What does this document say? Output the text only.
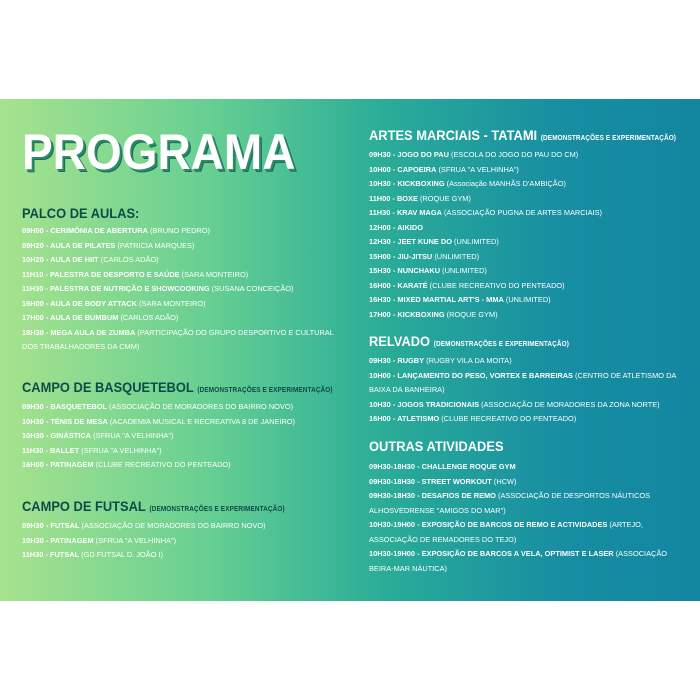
PROGRAMA
PALCO DE AULAS:
09H00 - CERIMÓNIA DE ABERTURA (BRUNO PEDRO)
09H20 - AULA DE PILATES (PATRICIA MARQUES)
10H20 - AULA DE HIIT (CARLOS ADÃO)
11H10 - PALESTRA DE DESPORTO E SAÚDE (SARA MONTEIRO)
11H30 - PALESTRA DE NUTRIÇÃO E SHOWCOOKING (SUSANA CONCEIÇÃO)
16H00 - AULA DE BODY ATTACK (SARA MONTEIRO)
17H00 - AULA DE BUMBUM (CARLOS ADÃO)
18H30 - MEGA AULA DE ZUMBA (PARTICIPAÇÃO DO GRUPO DESPORTIVO E CULTURAL DOS TRABALHADORES DA CMM)
CAMPO DE BASQUETEBOL (DEMONSTRAÇÕES E EXPERIMENTAÇÃO)
09H30 - BASQUETEBOL (ASSOCIAÇÃO DE MORADORES DO BAIRRO NOVO)
10H30 - TÉNIS DE MESA (ACADEMIA MUSICAL E RECREATIVA 8 DE JANEIRO)
10H30 - GINÁSTICA (SFRUA "A VELHINHA")
11H30 - BALLET (SFRUA "A VELHINHA")
16H00 - PATINAGEM (CLUBE RECREATIVO DO PENTEADO)
CAMPO DE FUTSAL (DEMONSTRAÇÕES E EXPERIMENTAÇÃO)
09H30 - FUTSAL (ASSOCIAÇÃO DE MORADORES DO BAIRRO NOVO)
10H30 - PATINAGEM (SFRUA "A VELHINHA")
11H30 - FUTSAL (GD FUTSAL D. JOÃO I)
ARTES MARCIAIS - TATAMI (DEMONSTRAÇÕES E EXPERIMENTAÇÃO)
09H30 - JOGO DO PAU (ESCOLA DO JOGO DO PAU DO CM)
10H00 - CAPOEIRA (SFRUA "A VELHINHA")
10H30 - KICKBOXING (Associação MANHÃS D'AMBIÇÃO)
11H00 - BOXE (ROQUE GYM)
11H30 - KRAV MAGA (ASSOCIAÇÃO PUGNA DE ARTES MARCIAIS)
12H00 - AIKIDO
12H30 - JEET KUNE DO (UNLIMITED)
15H00 - JIU-JITSU (UNLIMITED)
15H30 - NUNCHAKU (UNLIMITED)
16H00 - KARATÉ (CLUBE RECREATIVO DO PENTEADO)
16H30 - MIXED MARTIAL ART'S - MMA (UNLIMITED)
17H00 - KICKBOXING (ROQUE GYM)
RELVADO (DEMONSTRAÇÕES E EXPERIMENTAÇÃO)
09H30 - RUGBY (RUGBY VILA DA MOITA)
10H00 - LANÇAMENTO DO PESO, VORTEX E BARREIRAS (CENTRO DE ATLETISMO DA BAIXA DA BANHEIRA)
10H30 - JOGOS TRADICIONAIS (ASSOCIAÇÃO DE MORADORES DA ZONA NORTE)
16H00 - ATLETISMO (CLUBE RECREATIVO DO PENTEADO)
OUTRAS ATIVIDADES
09H30-18H30 - CHALLENGE ROQUE GYM
09H30-18H30 - STREET WORKOUT (HCW)
09H30-18H30 - DESAFIOS DE REMO (ASSOCIAÇÃO DE DESPORTOS NÁUTICOS ALHOSVEDRENSE "AMIGOS DO MAR")
10H30-19H00 - EXPOSIÇÃO DE BARCOS DE REMO E ACTIVIDADES (ARTEJO, ASSOCIAÇÃO DE REMADORES DO TEJO)
10H30-19H00 - EXPOSIÇÃO DE BARCOS A VELA, OPTIMIST E LASER (ASSOCIAÇÃO BEIRA-MAR NÁUTICA)
